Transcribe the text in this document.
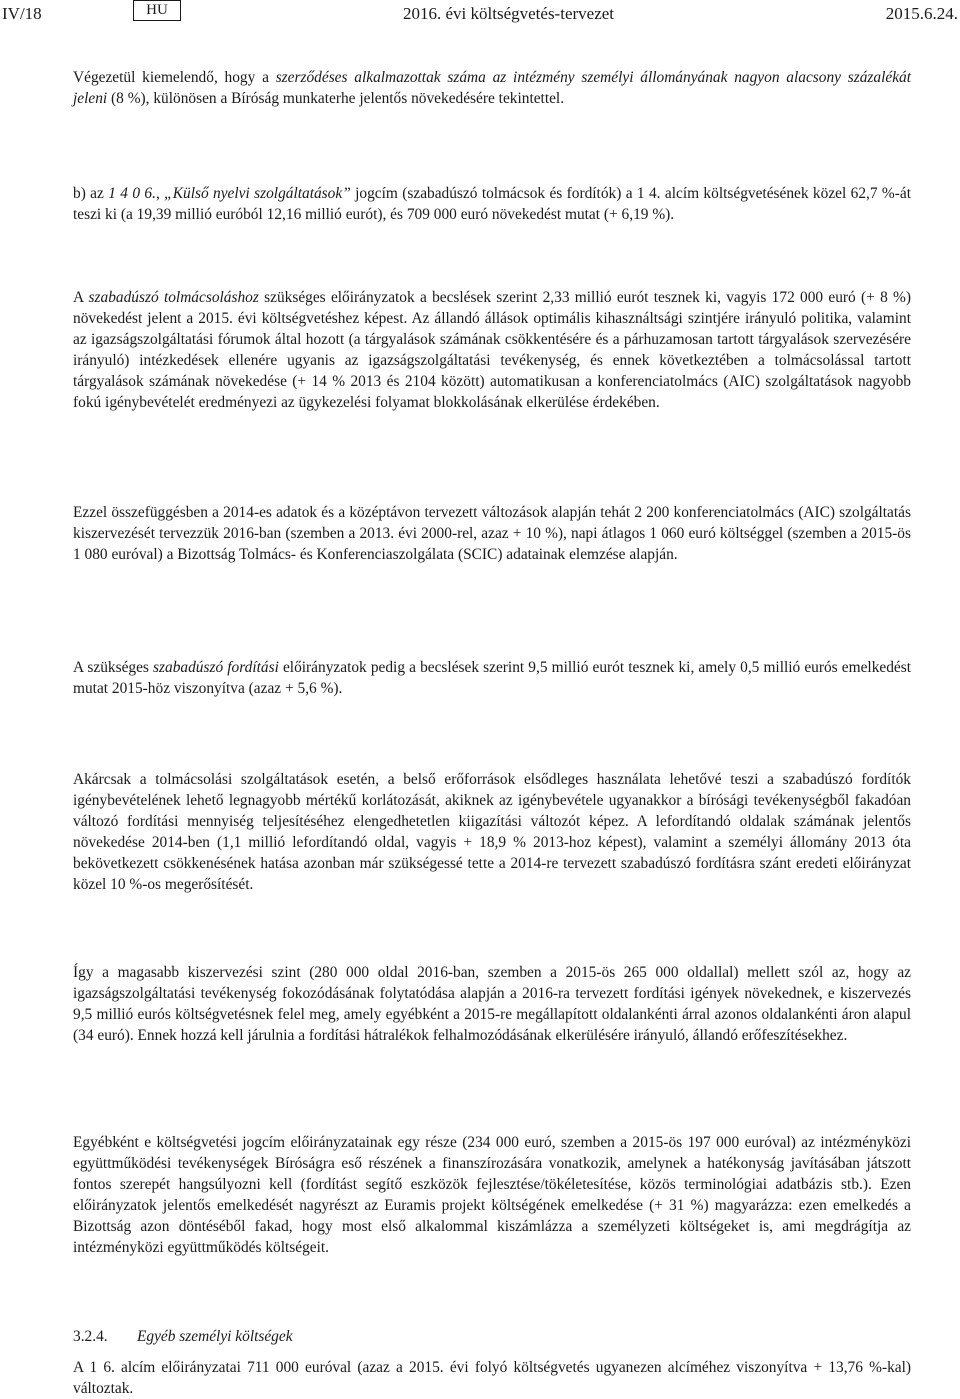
IV/18	HU	2016. évi költségvetés-tervezet	2015.6.24.

Végezetül kiemelendő, hogy a szerződéses alkalmazottak száma az intézmény személyi állományának nagyon alacsony százalékát jeleni (8 %), különösen a Bíróság munkaterhe jelentős növekedésére tekintettel.

b) az 1 4 0 6., „Külső nyelvi szolgáltatások” jogcím (szabadúszó tolmácsok és fordítók) a 1 4. alcím költségvetésének közel 62,7 %-át teszi ki (a 19,39 millió euróból 12,16 millió eurót), és 709 000 euró növekedést mutat (+ 6,19 %).

A szabadúszó tolmácsoláshoz szükséges előirányzatok a becslések szerint 2,33 millió eurót tesznek ki, vagyis 172 000 euró (+ 8 %) növekedést jelent a 2015. évi költségvetéshez képest. Az állandó állások optimális kihasználtsági szintjére irányuló politika, valamint az igazságszolgáltatási fórumok által hozott (a tárgyalások számának csökkentésére és a párhuzamosan tartott tárgyalások szervezésére irányuló) intézkedések ellenére ugyanis az igazságszolgáltatási tevékenység, és ennek következtében a tolmácsolással tartott tárgyalások számának növekedése (+ 14 % 2013 és 2104 között) automatikusan a konferenciatolmács (AIC) szolgáltatások nagyobb fokú igénybevételét eredményezi az ügykezelési folyamat blokkolásának elkerülése érdekében.

Ezzel összefüggésben a 2014-es adatok és a középtávon tervezett változások alapján tehát 2 200 konferenciatolmács (AIC) szolgáltatás kiszervezését tervezzük 2016-ban (szemben a 2013. évi 2000-rel, azaz + 10 %), napi átlagos 1 060 euró költséggel (szemben a 2015-ös 1 080 euróval) a Bizottság Tolmács- és Konferenciaszolgálata (SCIC) adatainak elemzése alapján.

A szükséges szabadúszó fordítási előirányzatok pedig a becslések szerint 9,5 millió eurót tesznek ki, amely 0,5 millió eurós emelkedést mutat 2015-höz viszonyítva (azaz + 5,6 %).

Akárcsak a tolmácsolási szolgáltatások esetén, a belső erőforrások elsődleges használata lehetővé teszi a szabadúszó fordítók igénybevételének lehető legnagyobb mértékű korlátozását, akiknek az igénybevétele ugyanakkor a bírósági tevékenységből fakadóan változó fordítási mennyiség teljesítéséhez elengedhetetlen kiigazítási változót képez. A lefordítandó oldalak számának jelentős növekedése 2014-ben (1,1 millió lefordítandó oldal, vagyis + 18,9 % 2013-hoz képest), valamint a személyi állomány 2013 óta bekövetkezett csökkenésének hatása azonban már szükségessé tette a 2014-re tervezett szabadúszó fordításra szánt eredeti előirányzat közel 10 %-os megerősítését.

Így a magasabb kiszervezési szint (280 000 oldal 2016-ban, szemben a 2015-ös 265 000 oldallal) mellett szól az, hogy az igazságszolgáltatási tevékenység fokozódásának folytatódása alapján a 2016-ra tervezett fordítási igények növekednek, e kiszervezés 9,5 millió eurós költségvetésnek felel meg, amely egyébként a 2015-re megállapított oldalankénti árral azonos oldalankénti áron alapul (34 euró). Ennek hozzá kell járulnia a fordítási hátralékok felhalmozódásának elkerülésére irányuló, állandó erőfeszítésekhez.

Egyébként e költségvetési jogcím előirányzatainak egy része (234 000 euró, szemben a 2015-ös 197 000 euróval) az intézményközi együttműködési tevékenységek Bíróságra eső részének a finanszírozására vonatkozik, amelynek a hatékonyság javításában játszott fontos szerepét hangsúlyozni kell (fordítást segítő eszközök fejlesztése/tökéletesítése, közös terminológiai adatbázis stb.). Ezen előirányzatok jelentős emelkedését nagyrészt az Euramis projekt költségének emelkedése (+ 31 %) magyarázza: ezen emelkedés a Bizottság azon döntéséből fakad, hogy most első alkalommal kiszámlázza a személyzeti költségeket is, ami megdrágítja az intézményközi együttműködés költségeit.

3.2.4. Egyéb személyi költségek

A 1 6. alcím előirányzatai 711 000 euróval (azaz a 2015. évi folyó költségvetés ugyanezen alcíméhez viszonyítva + 13,76 %-kal) változtak.
